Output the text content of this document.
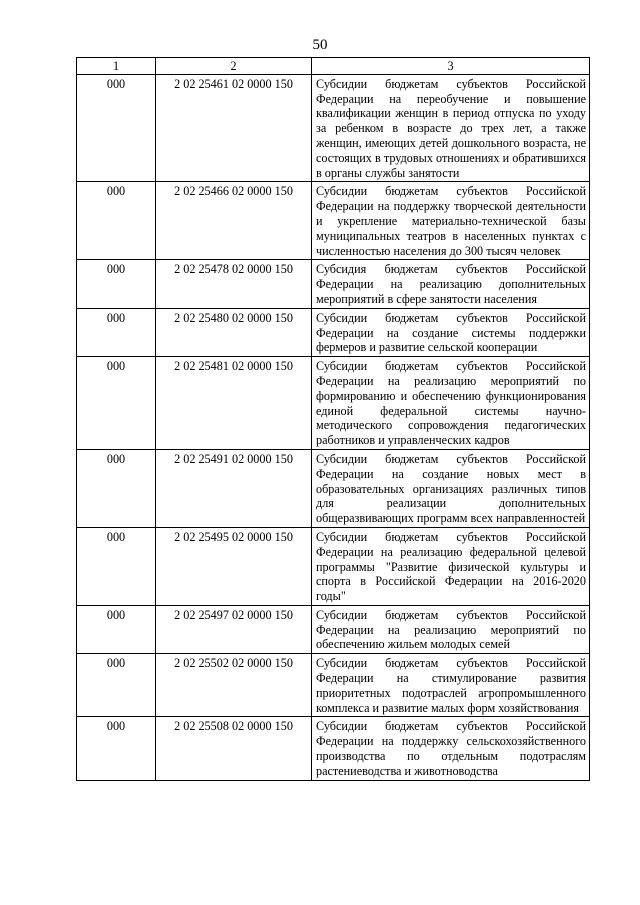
50
1	2	3
000	2 02 25461 02 0000 150	Субсидии бюджетам субъектов Российской Федерации на переобучение и повышение квалификации женщин в период отпуска по уходу за ребенком в возрасте до трех лет, а также женщин, имеющих детей дошкольного возраста, не состоящих в трудовых отношениях и обратившихся в органы службы занятости
000	2 02 25466 02 0000 150	Субсидии бюджетам субъектов Российской Федерации на поддержку творческой деятельности и укрепление материально-технической базы муниципальных театров в населенных пунктах с численностью населения до 300 тысяч человек
000	2 02 25478 02 0000 150	Субсидия бюджетам субъектов Российской Федерации на реализацию дополнительных мероприятий в сфере занятости населения
000	2 02 25480 02 0000 150	Субсидии бюджетам субъектов Российской Федерации на создание системы поддержки фермеров и развитие сельской кооперации
000	2 02 25481 02 0000 150	Субсидии бюджетам субъектов Российской Федерации на реализацию мероприятий по формированию и обеспечению функционирования единой федеральной системы научно-методического сопровождения педагогических работников и управленческих кадров
000	2 02 25491 02 0000 150	Субсидии бюджетам субъектов Российской Федерации на создание новых мест в образовательных организациях различных типов для реализации дополнительных общеразвивающих программ всех направленностей
000	2 02 25495 02 0000 150	Субсидии бюджетам субъектов Российской Федерации на реализацию федеральной целевой программы "Развитие физической культуры и спорта в Российской Федерации на 2016-2020 годы"
000	2 02 25497 02 0000 150	Субсидии бюджетам субъектов Российской Федерации на реализацию мероприятий по обеспечению жильем молодых семей
000	2 02 25502 02 0000 150	Субсидии бюджетам субъектов Российской Федерации на стимулирование развития приоритетных подотраслей агропромышленного комплекса и развитие малых форм хозяйствования
000	2 02 25508 02 0000 150	Субсидии бюджетам субъектов Российской Федерации на поддержку сельскохозяйственного производства по отдельным подотраслям растениеводства и животноводства
